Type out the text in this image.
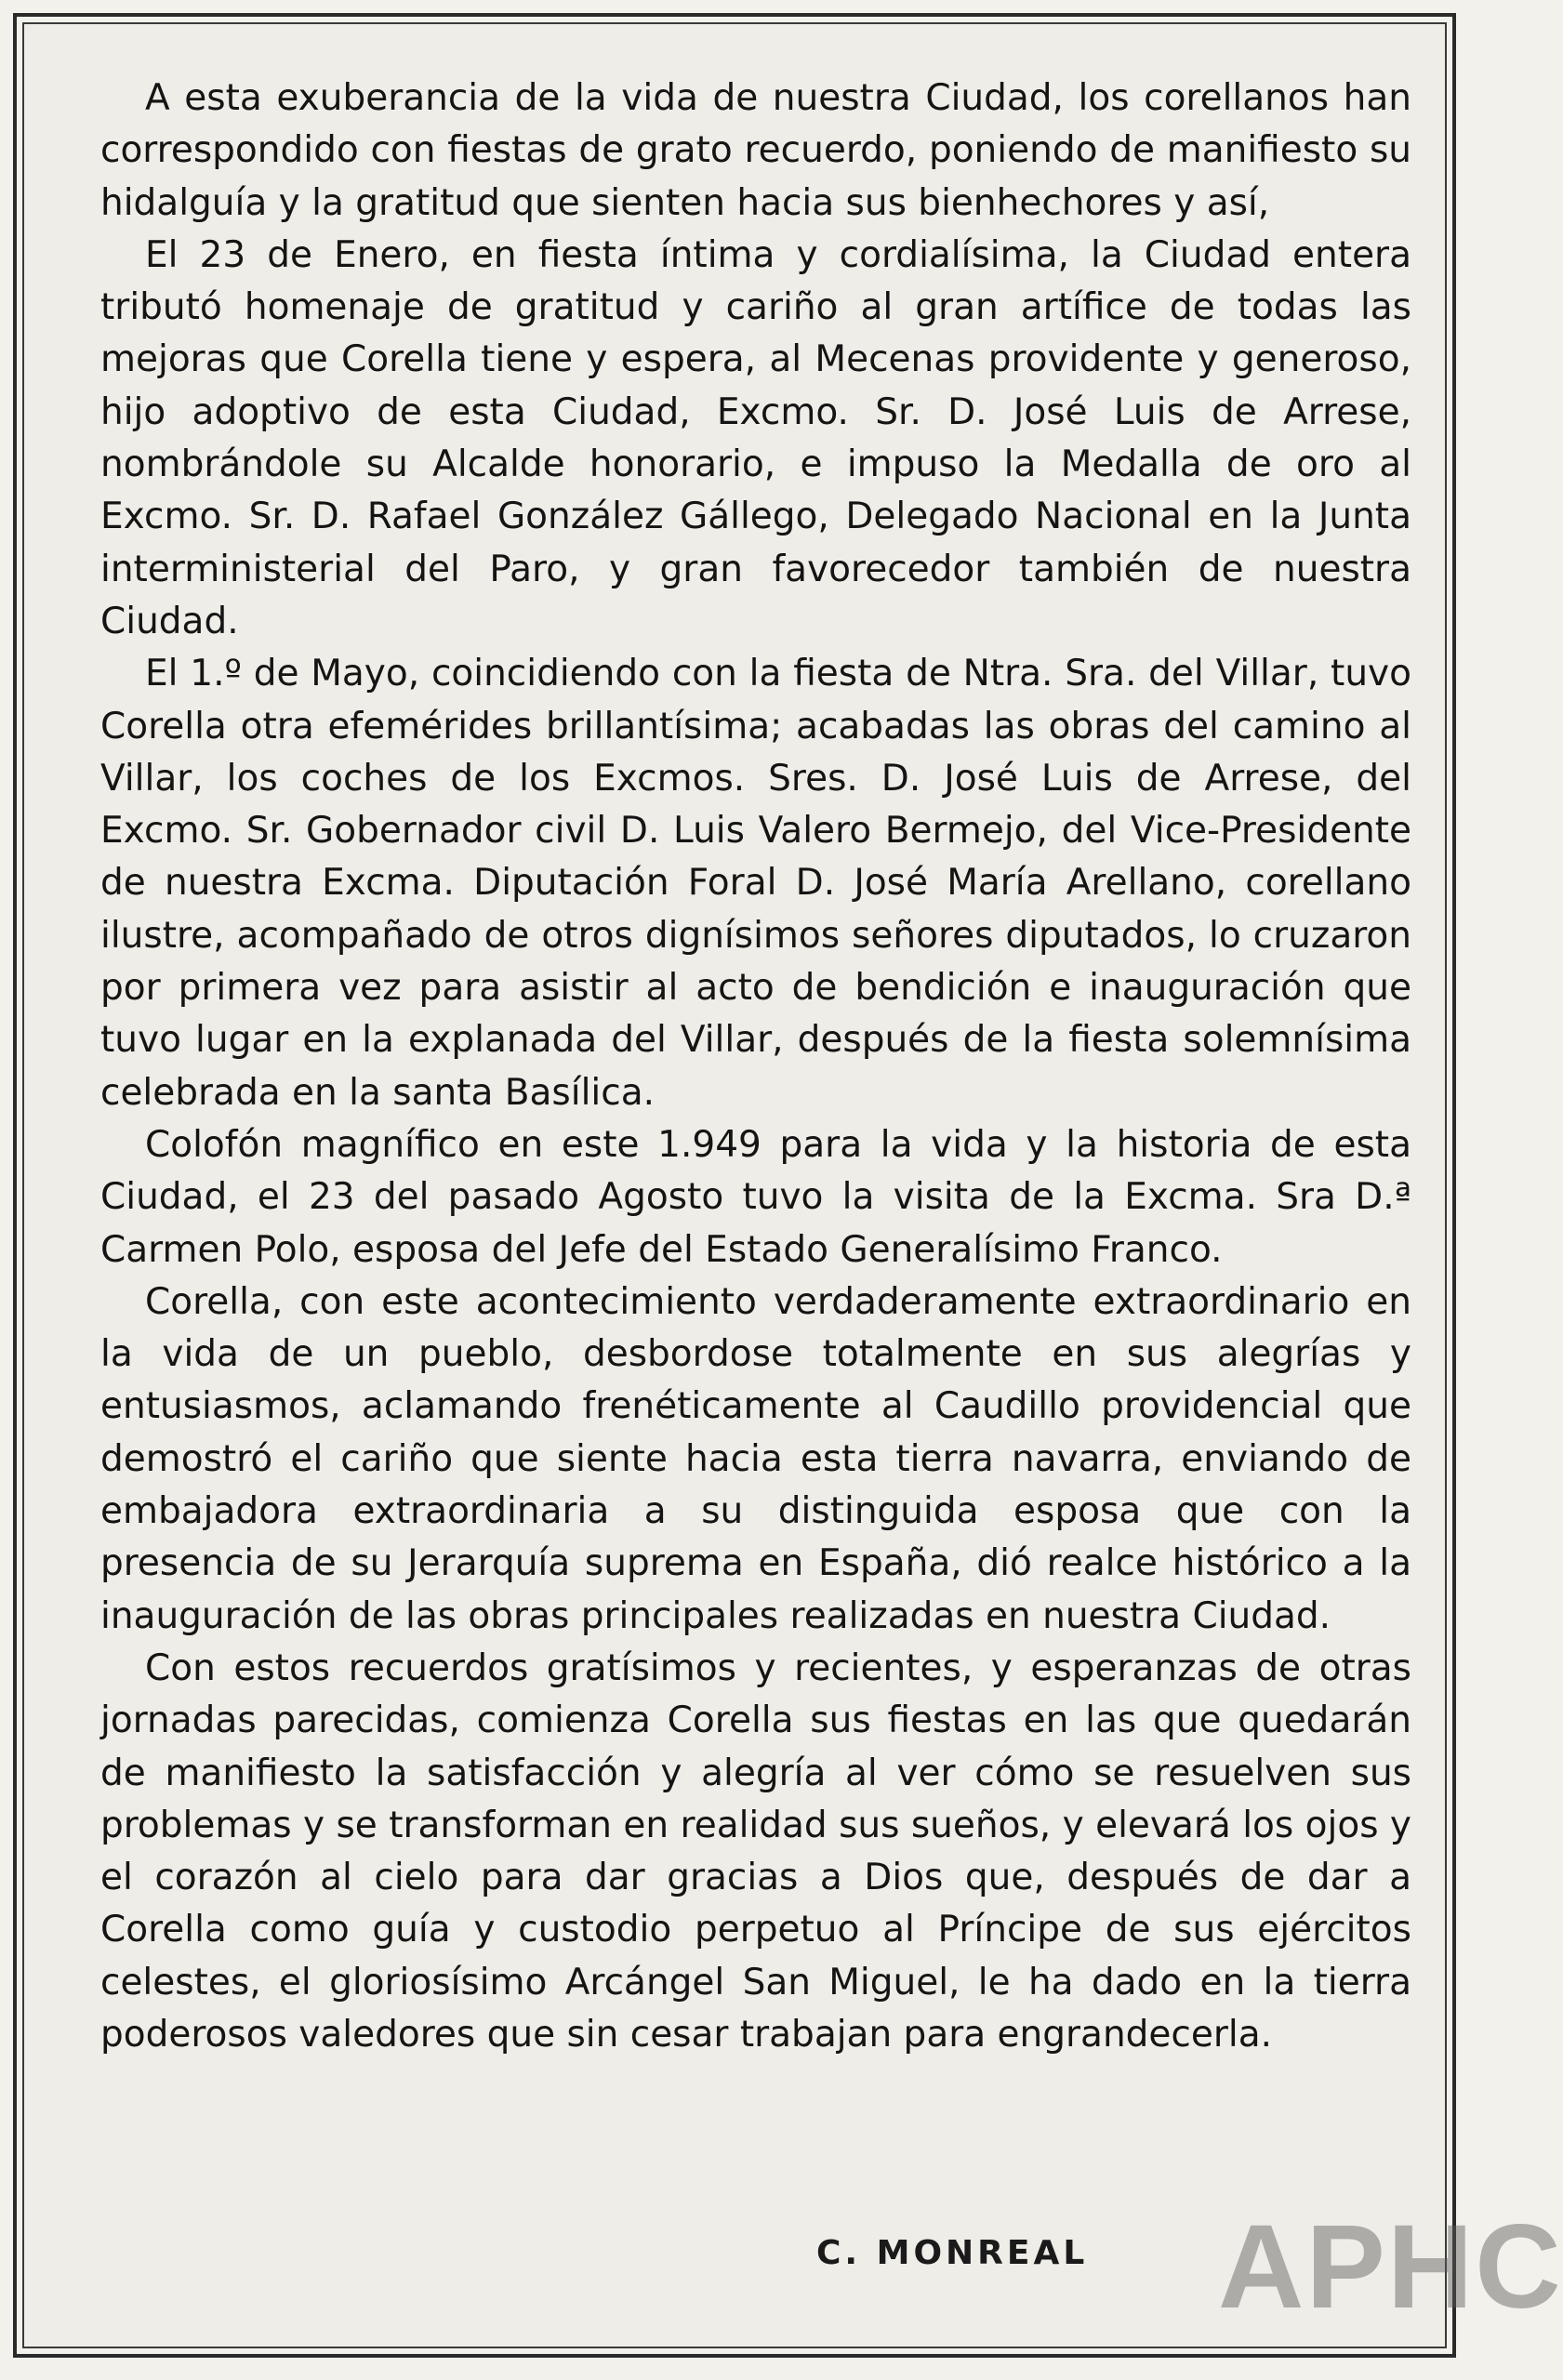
A esta exuberancia de la vida de nuestra Ciudad, los corellanos han correspondido con fiestas de grato recuerdo, poniendo de manifiesto su hidalguía y la gratitud que sienten hacia sus bienhechores y así,

El 23 de Enero, en fiesta íntima y cordialísima, la Ciudad entera tributó homenaje de gratitud y cariño al gran artífice de todas las mejoras que Corella tiene y espera, al Mecenas providente y generoso, hijo adoptivo de esta Ciudad, Excmo. Sr. D. José Luis de Arrese, nombrándole su Alcalde honorario, e impuso la Medalla de oro al Excmo. Sr. D. Rafael González Gállego, Delegado Nacional en la Junta interministerial del Paro, y gran favorecedor también de nuestra Ciudad.

El 1.º de Mayo, coincidiendo con la fiesta de Ntra. Sra. del Villar, tuvo Corella otra efemérides brillantísima; acabadas las obras del camino al Villar, los coches de los Excmos. Sres. D. José Luis de Arrese, del Excmo. Sr. Gobernador civil D. Luis Valero Bermejo, del Vice-Presidente de nuestra Excma. Diputación Foral D. José María Arellano, corellano ilustre, acompañado de otros dignísimos señores diputados, lo cruzaron por primera vez para asistir al acto de bendición e inauguración que tuvo lugar en la explanada del Villar, después de la fiesta solemnísima celebrada en la santa Basílica.

Colofón magnífico en este 1.949 para la vida y la historia de esta Ciudad, el 23 del pasado Agosto tuvo la visita de la Excma. Sra D.ª Carmen Polo, esposa del Jefe del Estado Generalísimo Franco.

Corella, con este acontecimiento verdaderamente extraordinario en la vida de un pueblo, desbordose totalmente en sus alegrías y entusiasmos, aclamando frenéticamente al Caudillo providencial que demostró el cariño que siente hacia esta tierra navarra, enviando de embajadora extraordinaria a su distinguida esposa que con la presencia de su Jerarquía suprema en España, dió realce histórico a la inauguración de las obras principales realizadas en nuestra Ciudad.

Con estos recuerdos gratísimos y recientes, y esperanzas de otras jornadas parecidas, comienza Corella sus fiestas en las que quedarán de manifiesto la satisfacción y alegría al ver cómo se resuelven sus problemas y se transforman en realidad sus sueños, y elevará los ojos y el corazón al cielo para dar gracias a Dios que, después de dar a Corella como guía y custodio perpetuo al Príncipe de sus ejércitos celestes, el gloriosísimo Arcángel San Miguel, le ha dado en la tierra poderosos valedores que sin cesar trabajan para engrandecerla.

C. MONREAL APHC
